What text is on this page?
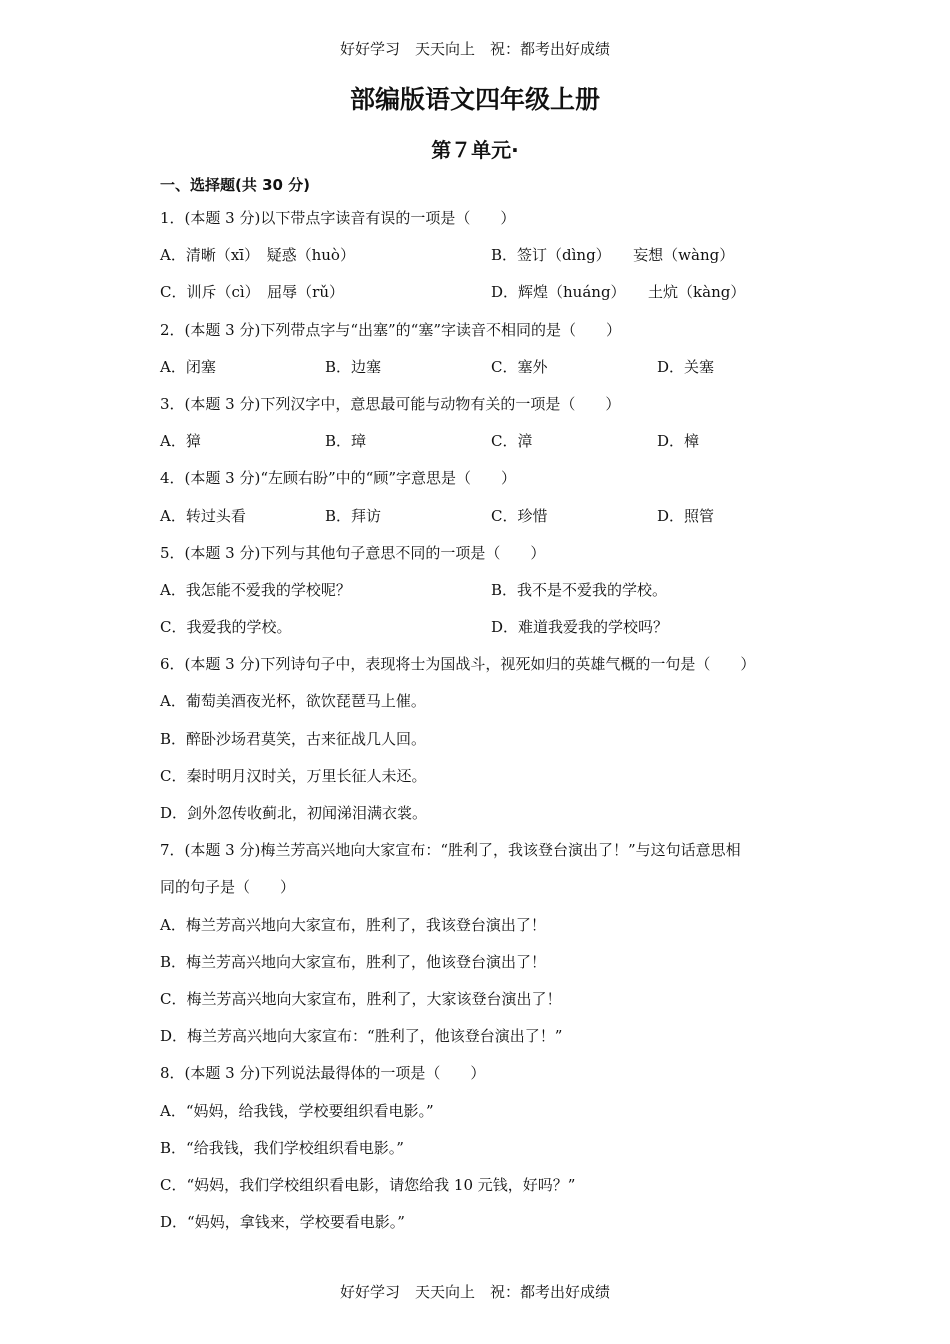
好好学习　天天向上　祝：都考出好成绩
部编版语文四年级上册
第７单元·
一、选择题(共 30 分)
1．(本题 3 分)以下带点字读音有误的一项是（　　）
A．清晰（xī）　疑惑（huò）	B．签订（dìng）　　妄想（wàng）
C．训斥（cì）　屈辱（rǔ）	D．辉煌（huáng）　　土炕（kàng）
2．(本题 3 分)下列带点字与“出塞”的“塞”字读音不相同的是（　　）
A．闭塞	B．边塞	C．塞外	D．关塞
3．(本题 3 分)下列汉字中，意思最可能与动物有关的一项是（　　）
A．獐	B．璋	C．漳	D．樟
4．(本题 3 分)“左顾右盼”中的“顾”字意思是（　　）
A．转过头看	B．拜访	C．珍惜	D．照管
5．(本题 3 分)下列与其他句子意思不同的一项是（　　）
A．我怎能不爱我的学校呢？	B．我不是不爱我的学校。
C．我爱我的学校。	D．难道我爱我的学校吗？
6．(本题 3 分)下列诗句子中，表现将士为国战斗，视死如归的英雄气概的一句是（　　）
A．葡萄美酒夜光杯，欲饮琵琶马上催。
B．醉卧沙场君莫笑，古来征战几人回。
C．秦时明月汉时关，万里长征人未还。
D．剑外忽传收蓟北，初闻涕泪满衣裳。
7．(本题 3 分)梅兰芳高兴地向大家宣布：“胜利了，我该登台演出了！”与这句话意思相
同的句子是（　　）
A．梅兰芳高兴地向大家宣布，胜利了，我该登台演出了！
B．梅兰芳高兴地向大家宣布，胜利了，他该登台演出了！
C．梅兰芳高兴地向大家宣布，胜利了，大家该登台演出了！
D．梅兰芳高兴地向大家宣布：“胜利了，他该登台演出了！”
8．(本题 3 分)下列说法最得体的一项是（　　）
A．“妈妈，给我钱，学校要组织看电影。”
B．“给我钱，我们学校组织看电影。”
C．“妈妈，我们学校组织看电影，请您给我 10 元钱，好吗？”
D．“妈妈，拿钱来，学校要看电影。”
好好学习　天天向上　祝：都考出好成绩
